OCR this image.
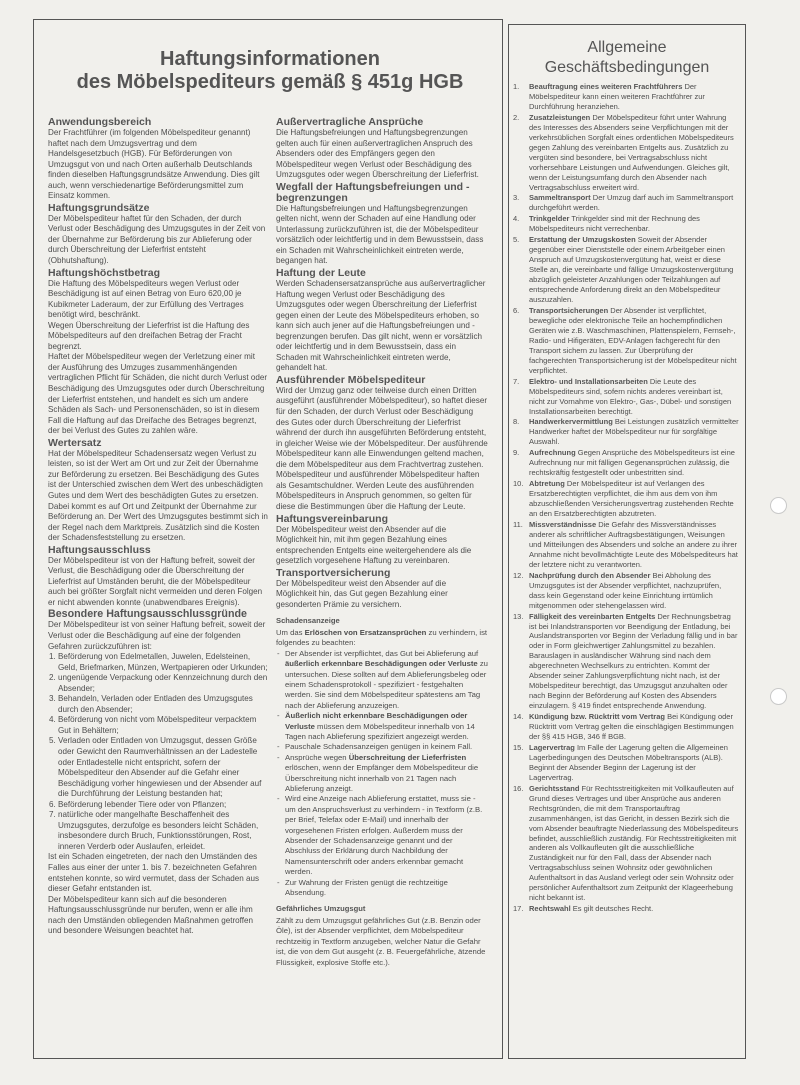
Haftungsinformationen
des Möbelspediteurs gemäß § 451g HGB
Allgemeine
Geschäftsbedingungen
Anwendungsbereich

Der Frachtführer (im folgenden Möbelspediteur genannt) haftet nach dem Umzugsvertrag und dem Handelsgesetzbuch (HGB). Für Beförderungen von Umzugsgut von und nach Orten außerhalb Deutschlands finden dieselben Haftungsgrundsätze Anwendung. Dies gilt auch, wenn verschiedenartige Beförderungsmittel zum Einsatz kommen.

Haftungsgrundsätze

Der Möbelspediteur haftet für den Schaden, der durch Verlust oder Beschädigung des Umzugsgutes in der Zeit von der Übernahme zur Beförderung bis zur Ablieferung oder durch Überschreitung der Lieferfrist entsteht (Obhutshaftung).

Haftungshöchstbetrag

Die Haftung des Möbelspediteurs wegen Verlust oder Beschädigung ist auf einen Betrag von Euro 620,00 je Kubikmeter Laderaum, der zur Erfüllung des Vertrages benötigt wird, beschränkt.

Wegen Überschreitung der Lieferfrist ist die Haftung des Möbelspediteurs auf den dreifachen Betrag der Fracht begrenzt.

Haftet der Möbelspediteur wegen der Verletzung einer mit der Ausführung des Umzuges zusammenhängenden vertraglichen Pflicht für Schäden, die nicht durch Verlust oder Beschädigung des Umzugsgutes oder durch Überschreitung der Lieferfrist entstehen, und handelt es sich um andere Schäden als Sach- und Personenschäden, so ist in diesem Fall die Haftung auf das Dreifache des Betrages begrenzt, der bei Verlust des Gutes zu zahlen wäre.

Wertersatz

Hat der Möbelspediteur Schadensersatz wegen Verlust zu leisten, so ist der Wert am Ort und zur Zeit der Übernahme zur Beförderung zu ersetzen. Bei Beschädigung des Gutes ist der Unterschied zwischen dem Wert des unbeschädigten Gutes und dem Wert des beschädigten Gutes zu ersetzen. Dabei kommt es auf Ort und Zeitpunkt der Übernahme zur Beförderung an. Der Wert des Umzugsgutes bestimmt sich in der Regel nach dem Marktpreis. Zusätzlich sind die Kosten der Schadensfeststellung zu ersetzen.

Haftungsausschluss

Der Möbelspediteur ist von der Haftung befreit, soweit der Verlust, die Beschädigung oder die Überschreitung der Lieferfrist auf Umständen beruht, die der Möbelspediteur auch bei größter Sorgfalt nicht vermeiden und deren Folgen er nicht abwenden konnte (unabwendbares Ereignis).

Besondere Haftungsausschlussgründe

Der Möbelspediteur ist von seiner Haftung befreit, soweit der Verlust oder die Beschädigung auf eine der folgenden Gefahren zurückzuführen ist:

1. Beförderung von Edelmetallen, Juwelen, Edelsteinen, Geld, Briefmarken, Münzen, Wertpapieren oder Urkunden;
2. ungenügende Verpackung oder Kennzeichnung durch den Absender;
3. Behandeln, Verladen oder Entladen des Umzugsgutes durch den Absender;
4. Beförderung von nicht vom Möbelspediteur verpacktem Gut in Behältern;
5. Verladen oder Entladen von Umzugsgut, dessen Größe oder Gewicht den Raumverhältnissen an der Ladestelle oder Entladestelle nicht entspricht, sofern der Möbelspediteur den Absender auf die Gefahr einer Beschädigung vorher hingewiesen und der Absender auf die Durchführung der Leistung bestanden hat;
6. Beförderung lebender Tiere oder von Pflanzen;
7. natürliche oder mangelhafte Beschaffenheit des Umzugsgutes, derzufolge es besonders leicht Schäden, insbesondere durch Bruch, Funktionsstörungen, Rost, inneren Verderb oder Auslaufen, erleidet.

Ist ein Schaden eingetreten, der nach den Umständen des Falles aus einer der unter 1. bis 7. bezeichneten Gefahren entstehen konnte, so wird vermutet, dass der Schaden aus dieser Gefahr entstanden ist.

Der Möbelspediteur kann sich auf die besonderen Haftungsausschlussgründe nur berufen, wenn er alle ihm nach den Umständen obliegenden Maßnahmen getroffen und besondere Weisungen beachtet hat.

Außervertragliche Ansprüche

Die Haftungsbefreiungen und Haftungsbegrenzungen gelten auch für einen außervertraglichen Anspruch des Absenders oder des Empfängers gegen den Möbelspediteur wegen Verlust oder Beschädigung des Umzugsgutes oder wegen Überschreitung der Lieferfrist.

Wegfall der Haftungsbefreiungen und -begrenzungen

Die Haftungsbefreiungen und Haftungsbegrenzungen gelten nicht, wenn der Schaden auf eine Handlung oder Unterlassung zurückzuführen ist, die der Möbelspediteur vorsätzlich oder leichtfertig und in dem Bewusstsein, dass ein Schaden mit Wahrscheinlichkeit eintreten werde, begangen hat.

Haftung der Leute

Werden Schadensersatzansprüche aus außervertraglicher Haftung wegen Verlust oder Beschädigung des Umzugsgutes oder wegen Überschreitung der Lieferfrist gegen einen der Leute des Möbelspediteurs erhoben, so kann sich auch jener auf die Haftungsbefreiungen und -begrenzungen berufen. Das gilt nicht, wenn er vorsätzlich oder leichtfertig und in dem Bewusstsein, dass ein Schaden mit Wahrscheinlichkeit eintreten werde, gehandelt hat.

Ausführender Möbelspediteur

Wird der Umzug ganz oder teilweise durch einen Dritten ausgeführt (ausführender Möbelspediteur), so haftet dieser für den Schaden, der durch Verlust oder Beschädigung des Gutes oder durch Überschreitung der Lieferfrist während der durch ihn ausgeführten Beförderung entsteht, in gleicher Weise wie der Möbelspediteur. Der ausführende Möbelspediteur kann alle Einwendungen geltend machen, die dem Möbelspediteur aus dem Frachtvertrag zustehen. Möbelspediteur und ausführender Möbelspediteur haften als Gesamtschuldner. Werden Leute des ausführenden Möbelspediteurs in Anspruch genommen, so gelten für diese die Bestimmungen über die Haftung der Leute.

Haftungsvereinbarung

Der Möbelspediteur weist den Absender auf die Möglichkeit hin, mit ihm gegen Bezahlung eines entsprechenden Entgelts eine weitergehendere als die gesetzlich vorgesehene Haftung zu vereinbaren.

Transportversicherung

Der Möbelspediteur weist den Absender auf die Möglichkeit hin, das Gut gegen Bezahlung einer gesonderten Prämie zu versichern.

Schadensanzeige

Um das Erlöschen von Ersatzansprüchen zu verhindern, ist folgendes zu beachten:

- Der Absender ist verpflichtet, das Gut bei Ablieferung auf äußerlich erkennbare Beschädigungen oder Verluste zu untersuchen. Diese sollten auf dem Ablieferungsbeleg oder einem Schadensprotokoll - spezifiziert - festgehalten werden. Sie sind dem Möbelspediteur spätestens am Tag nach der Ablieferung anzuzeigen.
- Äußerlich nicht erkennbare Beschädigungen oder Verluste müssen dem Möbelspediteur innerhalb von 14 Tagen nach Ablieferung spezifiziert angezeigt werden.
- Pauschale Schadensanzeigen genügen in keinem Fall.
- Ansprüche wegen Überschreitung der Lieferfristen erlöschen, wenn der Empfänger dem Möbelspediteur die Überschreitung nicht innerhalb von 21 Tagen nach Ablieferung anzeigt.
- Wird eine Anzeige nach Ablieferung erstattet, muss sie - um den Anspruchsverlust zu verhindern - in Textform (z.B. per Brief, Telefax oder E-Mail) und innerhalb der vorgesehenen Fristen erfolgen. Außerdem muss der Absender der Schadensanzeige genannt und der Abschluss der Erklärung durch Nachbildung der Namensunterschrift oder anders erkennbar gemacht werden.
- Zur Wahrung der Fristen genügt die rechtzeitige Absendung.
Gefährliches Umzugsgut

Zählt zu dem Umzugsgut gefährliches Gut (z.B. Benzin oder Öle), ist der Absender verpflichtet, dem Möbelspediteur rechtzeitig in Textform anzugeben, welcher Natur die Gefahr ist, die von dem Gut ausgeht (z. B. Feuergefährliche, ätzende Flüssigkeit, explosive Stoffe etc.).

1. Beauftragung eines weiteren Frachtführers Der Möbelspediteur kann einen weiteren Frachtführer zur Durchführung heranziehen.
2. Zusatzleistungen Der Möbelspediteur führt unter Wahrung des Interesses des Absenders seine Verpflichtungen mit der verkehrsüblichen Sorgfalt eines ordentlichen Möbelspediteurs gegen Zahlung des vereinbarten Entgelts aus. Zusätzlich zu vergüten sind besondere, bei Vertragsabschluss nicht vorhersehbare Leistungen und Aufwendungen. Gleiches gilt, wenn der Leistungsumfang durch den Absender nach Vertragsabschluss erweitert wird.
3. Sammeltransport Der Umzug darf auch im Sammeltransport durchgeführt werden.
4. Trinkgelder Trinkgelder sind mit der Rechnung des Möbelspediteurs nicht verrechenbar.
5. Erstattung der Umzugskosten Soweit der Absender gegenüber einer Dienststelle oder einem Arbeitgeber einen Anspruch auf Umzugskostenvergütung hat, weist er diese Stelle an, die vereinbarte und fällige Umzugskostenvergütung abzüglich geleisteter Anzahlungen oder Teilzahlungen auf entsprechende Anforderung direkt an den Möbelspediteur auszuzahlen.
6. Transportsicherungen Der Absender ist verpflichtet, bewegliche oder elektronische Teile an hochempfindlichen Geräten wie z.B. Waschmaschinen, Plattenspielern, Fernseh-, Radio- und Hifigeräten, EDV-Anlagen fachgerecht für den Transport sichern zu lassen. Zur Überprüfung der fachgerechten Transportsicherung ist der Möbelspediteur nicht verpflichtet.
7. Elektro- und Installationsarbeiten Die Leute des Möbelspediteurs sind, sofern nichts anderes vereinbart ist, nicht zur Vornahme von Elektro-, Gas-, Dübel- und sonstigen Installationsarbeiten berechtigt.
8. Handwerkervermittlung Bei Leistungen zusätzlich vermittelter Handwerker haftet der Möbelspediteur nur für sorgfältige Auswahl.
9. Aufrechnung Gegen Ansprüche des Möbelspediteurs ist eine Aufrechnung nur mit fälligen Gegenansprüchen zulässig, die rechtskräftig festgestellt oder unbestritten sind.
10. Abtretung Der Möbelspediteur ist auf Verlangen des Ersatzberechtigten verpflichtet, die ihm aus dem von ihm abzuschließenden Versicherungsvertrag zustehenden Rechte an den Ersatzberechtigten abzutreten.
11. Missverständnisse Die Gefahr des Missverständnisses anderer als schriftlicher Auftragsbestätigungen, Weisungen und Mitteilungen des Absenders und solche an andere zu ihrer Annahme nicht bevollmächtigte Leute des Möbelspediteurs hat der letztere nicht zu verantworten.
12. Nachprüfung durch den Absender Bei Abholung des Umzugsgutes ist der Absender verpflichtet, nachzuprüfen, dass kein Gegenstand oder keine Einrichtung irrtümlich mitgenommen oder stehengelassen wird.
13. Fälligkeit des vereinbarten Entgelts Der Rechnungsbetrag ist bei Inlandstransporten vor Beendigung der Entladung, bei Auslandstransporten vor Beginn der Verladung fällig und in bar oder in Form gleichwertiger Zahlungsmittel zu bezahlen.
Barauslagen in ausländischer Währung sind nach dem abgerechneten Wechselkurs zu entrichten. Kommt der Absender seiner Zahlungsverpflichtung nicht nach, ist der Möbelspediteur berechtigt, das Umzugsgut anzuhalten oder nach Beginn der Beförderung auf Kosten des Absenders einzulagern. § 419 findet entsprechende Anwendung.
14. Kündigung bzw. Rücktritt vom Vertrag Bei Kündigung oder Rücktritt vom Vertrag gelten die einschlägigen Bestimmungen der §§ 415 HGB, 346 ff BGB.
15. Lagervertrag Im Falle der Lagerung gelten die Allgemeinen Lagerbedingungen des Deutschen Möbeltransports (ALB). Beginnt der Absender Beginn der Lagerung ist der Lagervertrag.
16. Gerichtsstand Für Rechtsstreitigkeiten mit Vollkaufleuten auf Grund dieses Vertrages und über Ansprüche aus anderen Rechtsgründen, die mit dem Transportauftrag zusammenhängen, ist das Gericht, in dessen Bezirk sich die vom Absender beauftragte Niederlassung des Möbelspediteurs befindet, ausschließlich zuständig. Für Rechtsstreitigkeiten mit anderen als Vollkaufleuten gilt die ausschließliche Zuständigkeit nur für den Fall, dass der Absender nach Vertragsabschluss seinen Wohnsitz oder gewöhnlichen Aufenthaltsort in das Ausland verlegt oder sein Wohnsitz oder persönlicher Aufenthaltsort zum Zeitpunkt der Klageerhebung nicht bekannt ist.
17. Rechtswahl Es gilt deutsches Recht.
